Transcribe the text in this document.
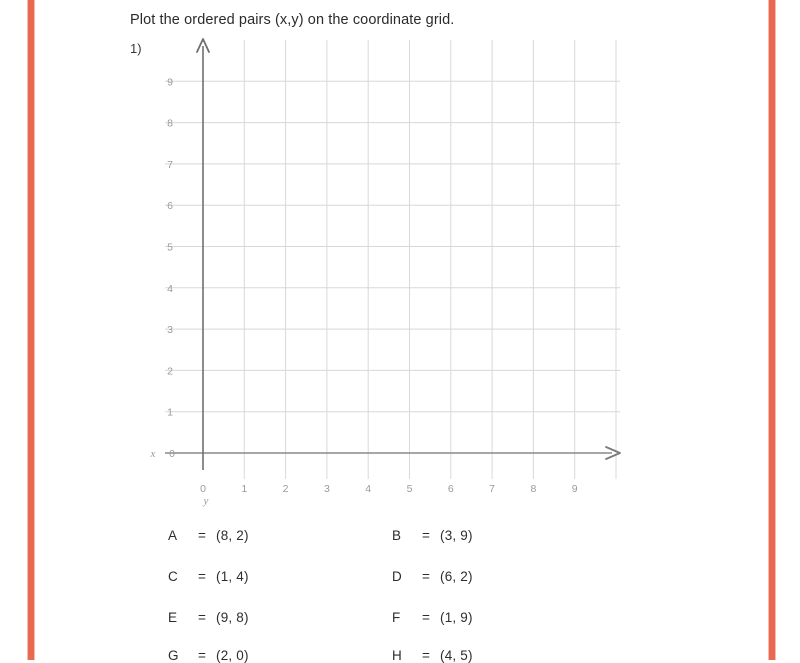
Plot the ordered pairs (x,y) on the coordinate grid.
1)
0
1
2
3
4
5
6
7
8
9
0	1	2	3	4	5	6	7	8	9
x
y
A = (8, 2)	B = (3, 9)
C = (1, 4)	D = (6, 2)
E = (9, 8)	F = (1, 9)
G = (2, 0)	H = (4, 5)
